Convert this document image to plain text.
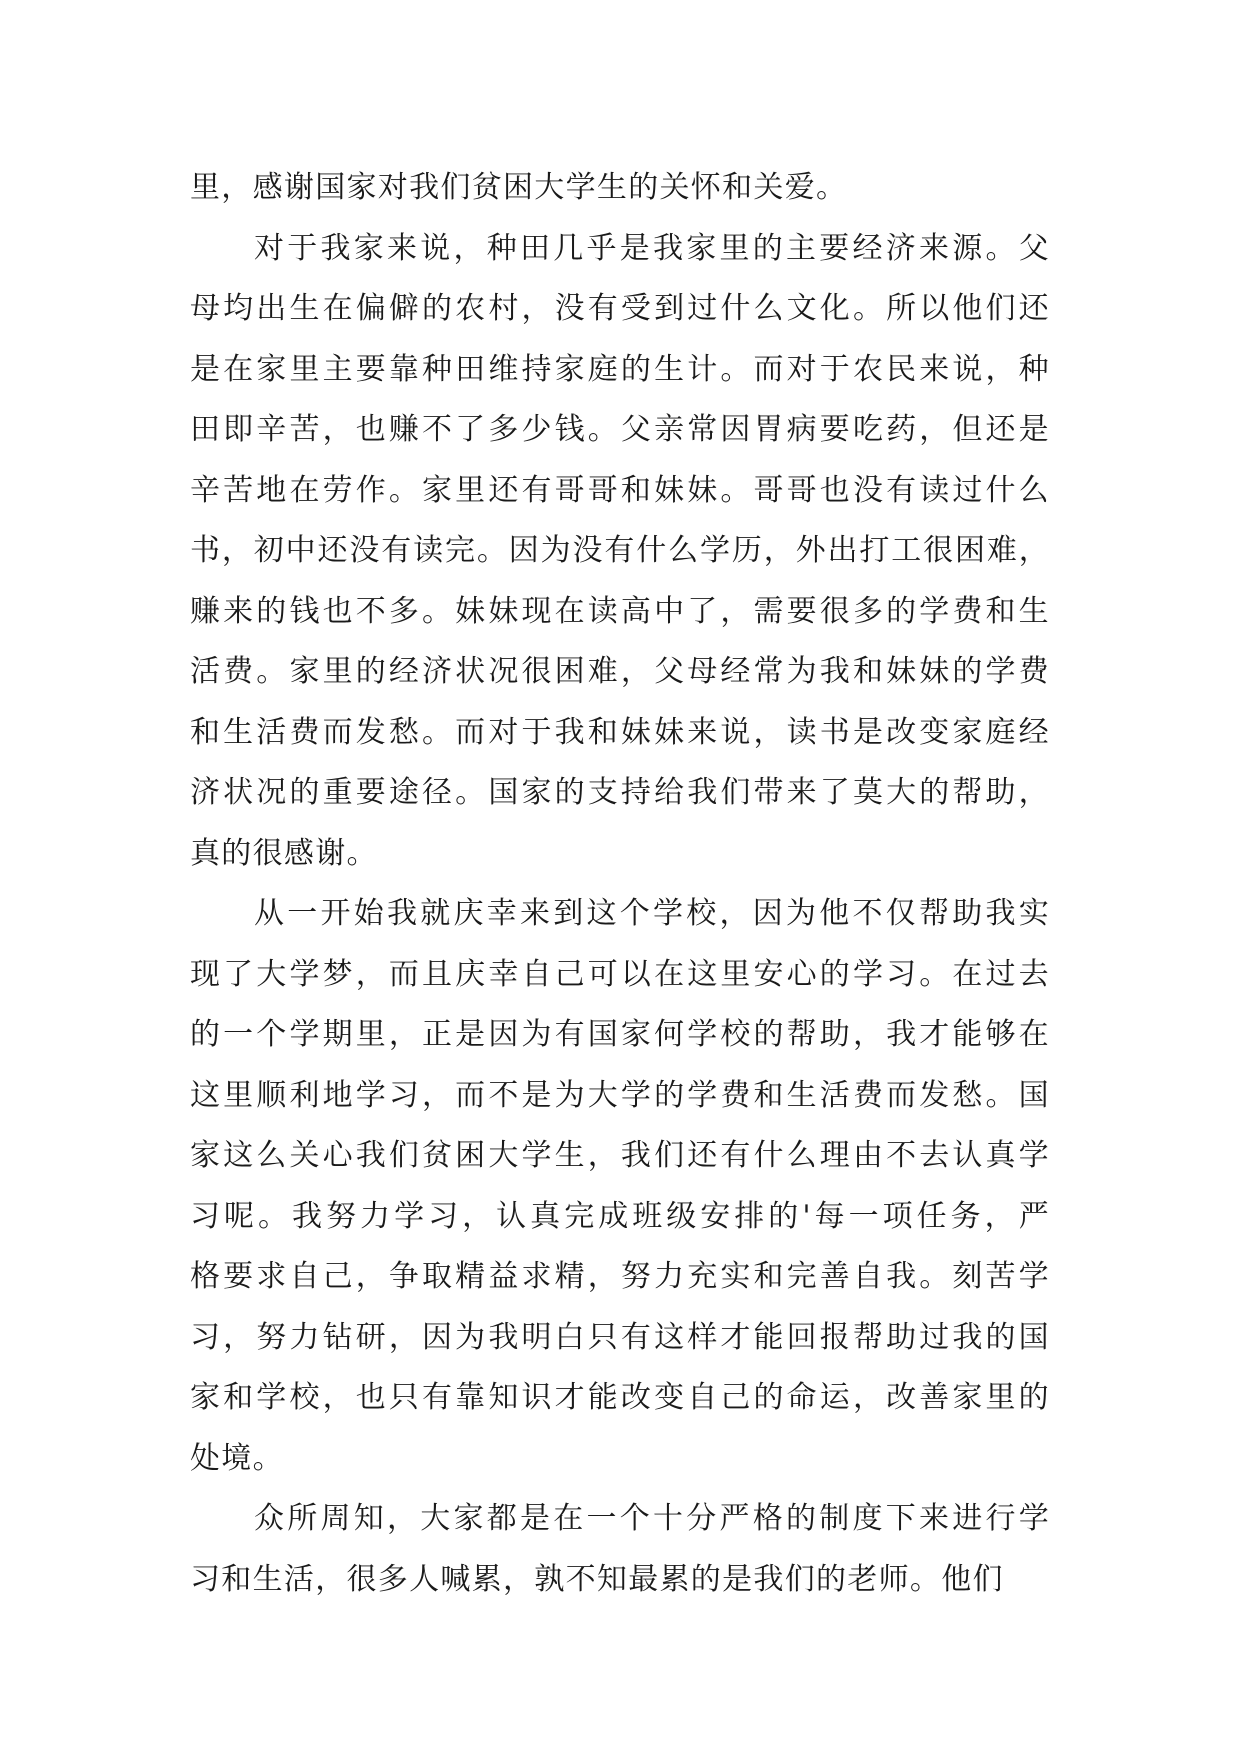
里，感谢国家对我们贫困大学生的关怀和关爱。
对于我家来说，种田几乎是我家里的主要经济来源。父
母均出生在偏僻的农村，没有受到过什么文化。所以他们还
是在家里主要靠种田维持家庭的生计。而对于农民来说，种
田即辛苦，也赚不了多少钱。父亲常因胃病要吃药，但还是
辛苦地在劳作。家里还有哥哥和妹妹。哥哥也没有读过什么
书，初中还没有读完。因为没有什么学历，外出打工很困难，
赚来的钱也不多。妹妹现在读高中了，需要很多的学费和生
活费。家里的经济状况很困难，父母经常为我和妹妹的学费
和生活费而发愁。而对于我和妹妹来说，读书是改变家庭经
济状况的重要途径。国家的支持给我们带来了莫大的帮助，
真的很感谢。
从一开始我就庆幸来到这个学校，因为他不仅帮助我实
现了大学梦，而且庆幸自己可以在这里安心的学习。在过去
的一个学期里，正是因为有国家何学校的帮助，我才能够在
这里顺利地学习，而不是为大学的学费和生活费而发愁。国
家这么关心我们贫困大学生，我们还有什么理由不去认真学
习呢。我努力学习，认真完成班级安排的'每一项任务，严
格要求自己，争取精益求精，努力充实和完善自我。刻苦学
习，努力钻研，因为我明白只有这样才能回报帮助过我的国
家和学校，也只有靠知识才能改变自己的命运，改善家里的
处境。
众所周知，大家都是在一个十分严格的制度下来进行学
习和生活，很多人喊累，孰不知最累的是我们的老师。他们
